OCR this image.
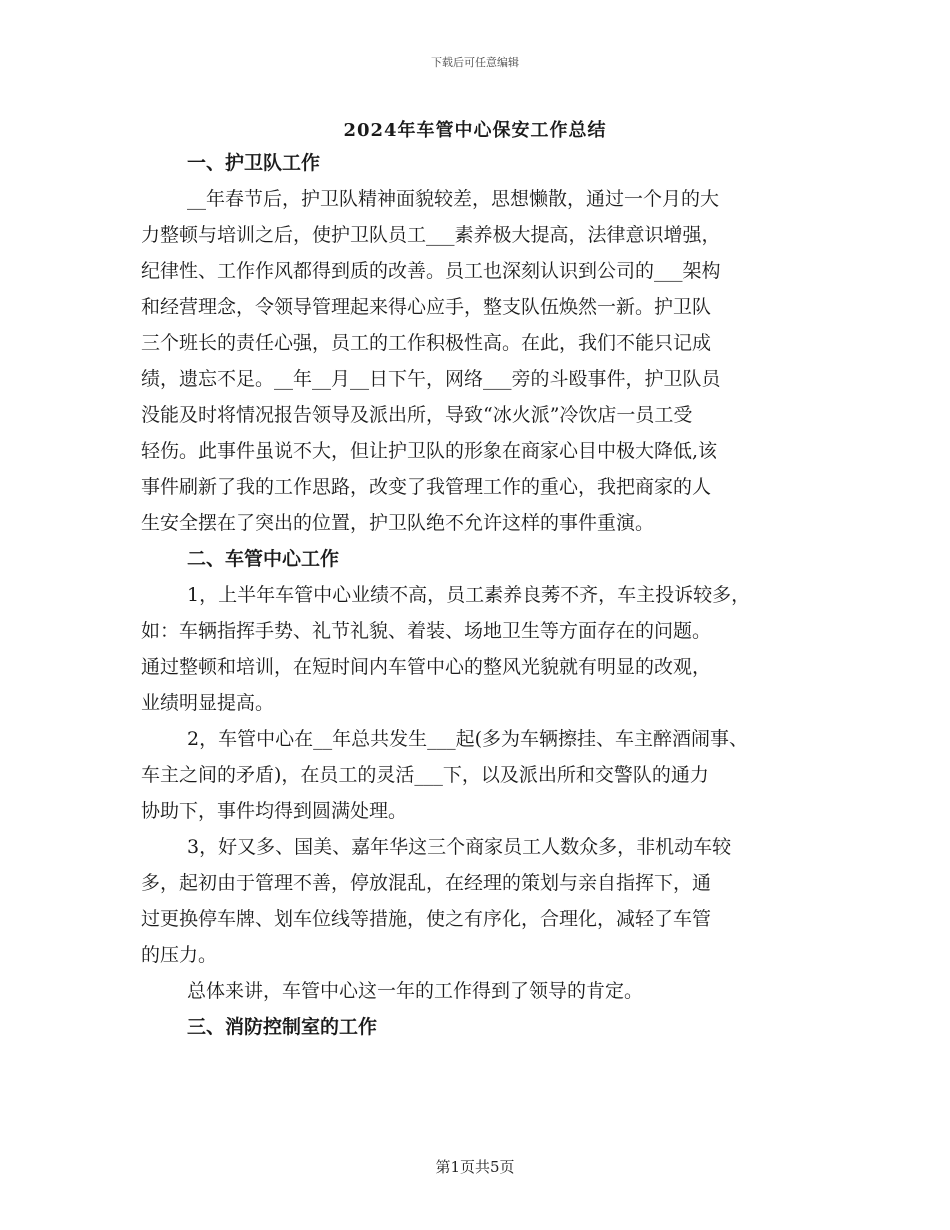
下载后可任意编辑
2024年车管中心保安工作总结
一、护卫队工作
__年春节后，护卫队精神面貌较差，思想懒散，通过一个月的大
力整顿与培训之后，使护卫队员工___素养极大提高，法律意识增强，
纪律性、工作作风都得到质的改善。员工也深刻认识到公司的___架构
和经营理念，令领导管理起来得心应手，整支队伍焕然一新。护卫队
三个班长的责任心强，员工的工作积极性高。在此，我们不能只记成
绩，遗忘不足。__年__月__日下午，网络___旁的斗殴事件，护卫队员
没能及时将情况报告领导及派出所，导致“冰火派”冷饮店一员工受
轻伤。此事件虽说不大，但让护卫队的形象在商家心目中极大降低,该
事件刷新了我的工作思路，改变了我管理工作的重心，我把商家的人
生安全摆在了突出的位置，护卫队绝不允许这样的事件重演。
二、车管中心工作
1，上半年车管中心业绩不高，员工素养良莠不齐，车主投诉较多，
如：车辆指挥手势、礼节礼貌、着装、场地卫生等方面存在的问题。
通过整顿和培训，在短时间内车管中心的整风光貌就有明显的改观，
业绩明显提高。
2，车管中心在__年总共发生___起(多为车辆擦挂、车主醉酒闹事、
车主之间的矛盾)，在员工的灵活___下，以及派出所和交警队的通力
协助下，事件均得到圆满处理。
3，好又多、国美、嘉年华这三个商家员工人数众多，非机动车较
多，起初由于管理不善，停放混乱，在经理的策划与亲自指挥下，通
过更换停车牌、划车位线等措施，使之有序化，合理化，减轻了车管
的压力。
总体来讲，车管中心这一年的工作得到了领导的肯定。
三、消防控制室的工作
第1页共5页
